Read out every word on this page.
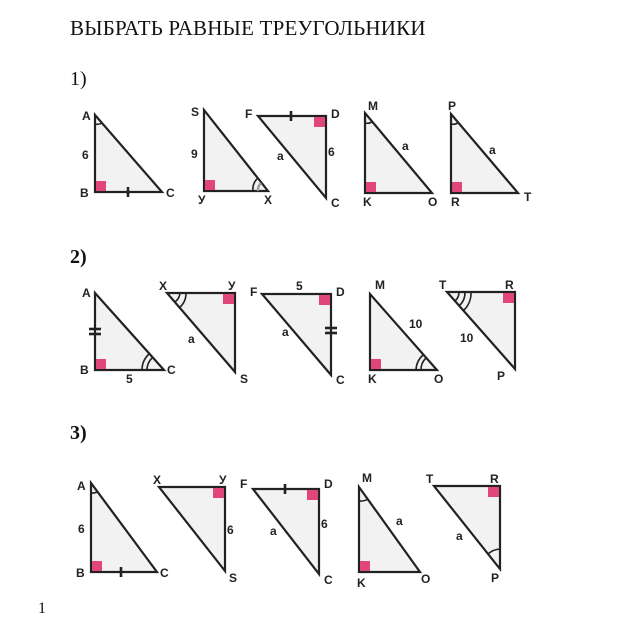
ВЫБРАТЬ РАВНЫЕ ТРЕУГОЛЬНИКИ
1)
2)
3)
1
A
B	C
6
S
У	X
9
F	D
C
a	6
M
K	O
a
P
R	T
a
A
B	C
5
X	У
S
a
F	D
C
5
a
M
K	O
10
T	R
P
10
A
B	C
6
X	У
S
6
F	D
C
a	6
M
K	O
a
T	R
P
a
